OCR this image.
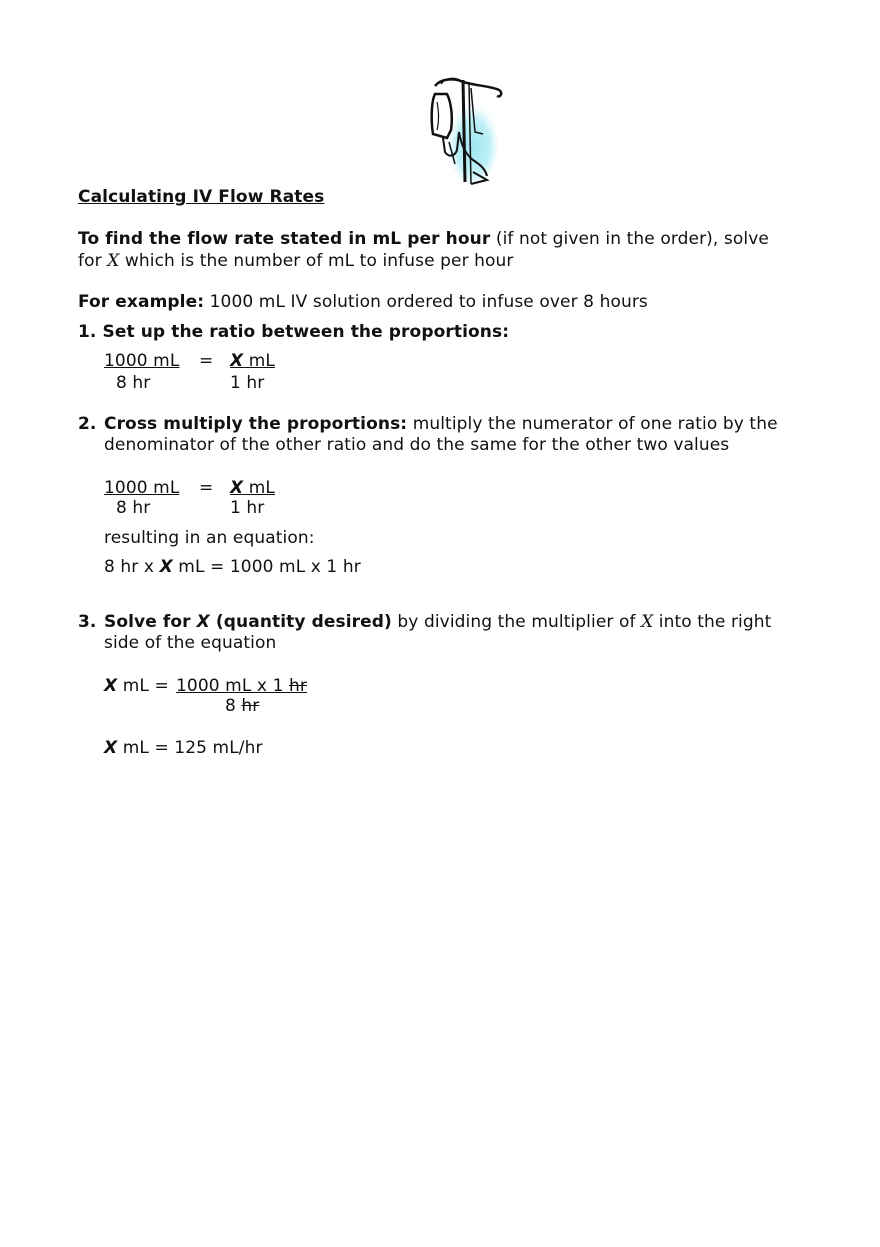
Calculating IV Flow Rates
To find the flow rate stated in mL per hour (if not given in the order), solve
for X which is the number of mL to infuse per hour
For example: 1000 mL IV solution ordered to infuse over 8 hours
1. Set up the ratio between the proportions:
1000 mL
8 hr
= X mL
1 hr
2. Cross multiply the proportions: multiply the numerator of one ratio by the
denominator of the other ratio and do the same for the other two values
1000 mL
8 hr
= X mL
1 hr
resulting in an equation:
8 hr x X mL = 1000 mL x 1 hr
3. Solve for X (quantity desired) by dividing the multiplier of X into the right
side of the equation
X mL = 1000 mL x 1 hr
8 hr
X mL = 125 mL/hr
